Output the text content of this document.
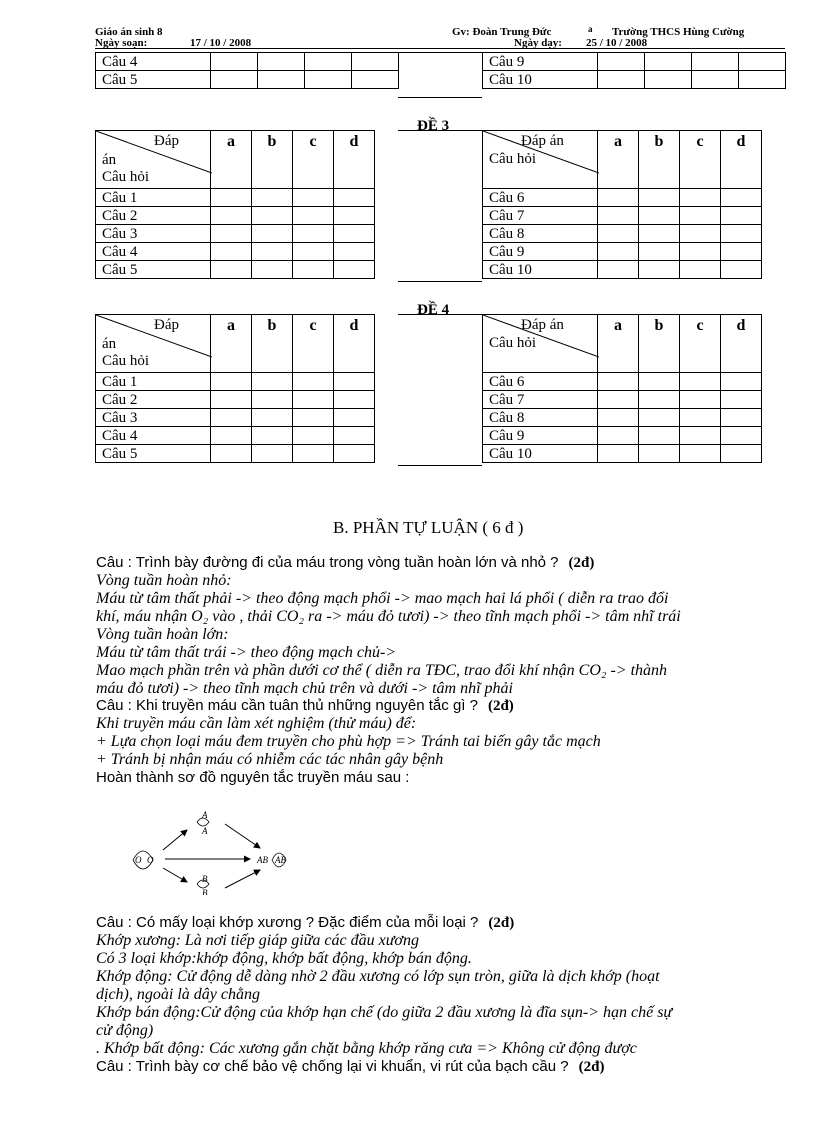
Giáo án sinh 8
Ngày soạn:	17 / 10 / 2008
Gv: Đoàn Trung Đức	a Trường THCS Hùng Cường
Ngày dạy: 25 / 10 / 2008
Câu 4				
Câu 5				
Câu 9				
Câu 10				
ĐỀ 3
Đáp
án
Câu hỏi	a	b	c	d
Câu 1				
Câu 2				
Câu 3				
Câu 4				
Câu 5				
Đáp án
Câu hỏi	a	b	c	d
Câu 6				
Câu 7				
Câu 8				
Câu 9				
Câu 10				
ĐỀ 4
Đáp
án
Câu hỏi	a	b	c	d
Câu 1				
Câu 2				
Câu 3				
Câu 4				
Câu 5				
Đáp án
Câu hỏi	a	b	c	d
Câu 6				
Câu 7				
Câu 8				
Câu 9				
Câu 10				
B. PHẦN TỰ LUẬN ( 6 đ )
Câu : Trình bày đường đi của máu trong vòng tuần hoàn lớn và nhỏ ? (2đ)
Vòng tuần hoàn nhỏ:
Máu từ tâm thất phải -> theo động mạch phổi -> mao mạch hai lá phổi ( diễn ra trao đổi
khí, máu nhận O₂ vào , thải CO₂ ra -> máu đỏ tươi) -> theo tĩnh mạch phổi -> tâm nhĩ trái
Vòng tuần hoàn lớn:
Máu từ tâm thất trái -> theo động mạch chủ->
Mao mạch phần trên và phần dưới cơ thể ( diễn ra TĐC, trao đổi khí nhận CO₂ -> thành
máu đỏ tươi) -> theo tĩnh mạch chủ trên và dưới -> tâm nhĩ phải
Câu : Khi truyền máu cần tuân thủ những nguyên tắc gì ? (2đ)
Khi truyền máu cần làm xét nghiệm (thử máu) để:
+ Lựa chọn loại máu đem truyền cho phù hợp => Tránh tai biến gây tắc mạch
+ Tránh bị nhận máu có nhiễm các tác nhân gây bệnh
Hoàn thành sơ đồ nguyên tắc truyền máu sau :
A
A
B
B
O O	AB AB
Câu : Có mấy loại khớp xương ? Đặc điểm của mỗi loại ? (2đ)
Khớp xương: Là nơi tiếp giáp giữa các đầu xương
Có 3 loại khớp:khớp động, khớp bất động, khớp bán động.
Khớp động: Cử động dễ dàng nhờ 2 đầu xương có lớp sụn tròn, giữa là dịch khớp (hoạt
dịch), ngoài là dây chằng
Khớp bán động:Cử động của khớp hạn chế (do giữa 2 đầu xương là đĩa sụn-> hạn chế sự
cử động)
. Khớp bất động: Các xương gắn chặt bằng khớp răng cưa => Không cử động được
Câu : Trình bày cơ chế bảo vệ chống lại vi khuẩn, vi rút của bạch cầu ? (2đ)
